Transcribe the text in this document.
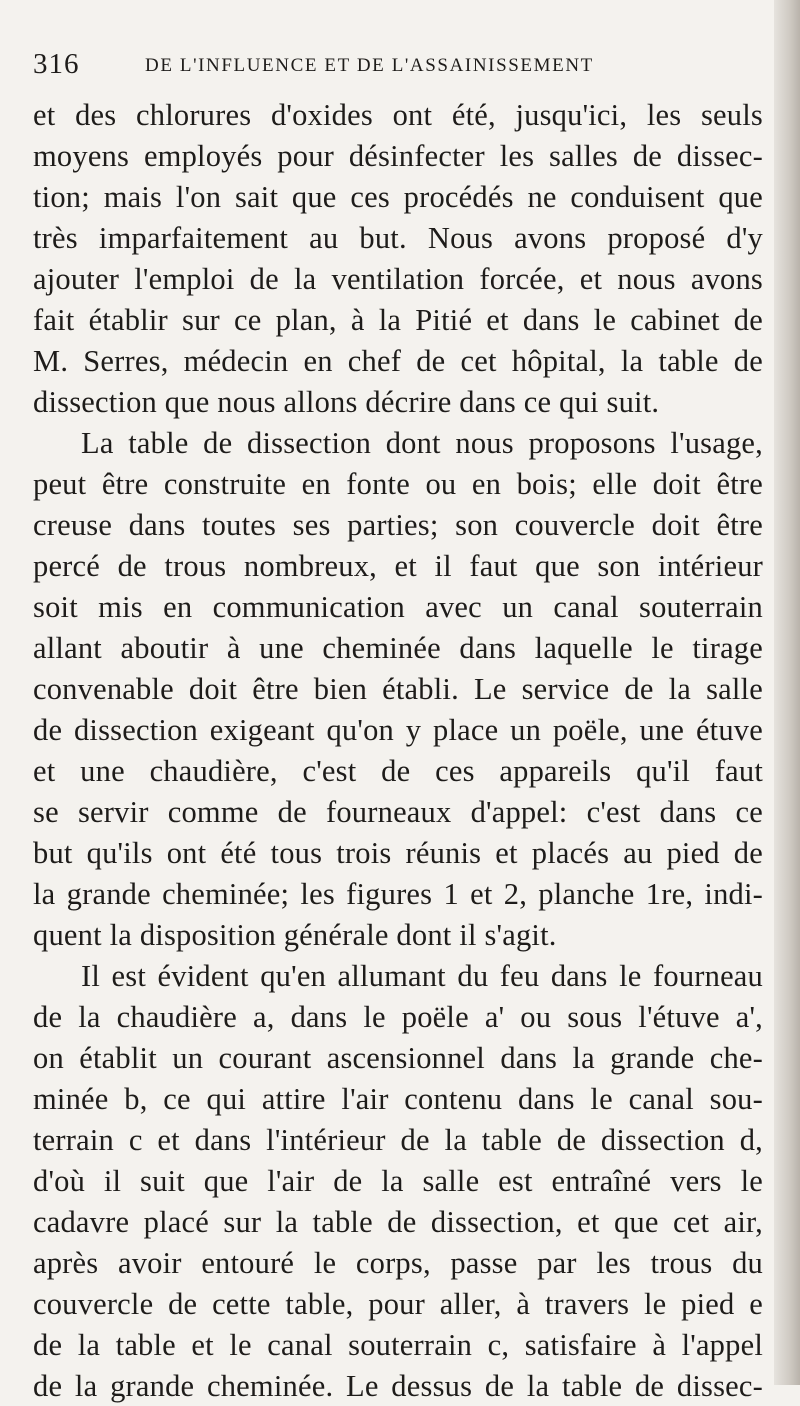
316	DE L'INFLUENCE ET DE L'ASSAINISSEMENT
et des chlorures d'oxides ont été, jusqu'ici, les seuls
moyens employés pour désinfecter les salles de dissec-
tion; mais l'on sait que ces procédés ne conduisent que
très imparfaitement au but. Nous avons proposé d'y
ajouter l'emploi de la ventilation forcée, et nous avons
fait établir sur ce plan, à la Pitié et dans le cabinet de
M. Serres, médecin en chef de cet hôpital, la table de
dissection que nous allons décrire dans ce qui suit.
La table de dissection dont nous proposons l'usage,
peut être construite en fonte ou en bois; elle doit être
creuse dans toutes ses parties; son couvercle doit être
percé de trous nombreux, et il faut que son intérieur
soit mis en communication avec un canal souterrain
allant aboutir à une cheminée dans laquelle le tirage
convenable doit être bien établi. Le service de la salle
de dissection exigeant qu'on y place un poële, une étuve
et une chaudière, c'est de ces appareils qu'il faut
se servir comme de fourneaux d'appel: c'est dans ce
but qu'ils ont été tous trois réunis et placés au pied de
la grande cheminée; les figures 1 et 2, planche 1re, indi-
quent la disposition générale dont il s'agit.
Il est évident qu'en allumant du feu dans le fourneau
de la chaudière a, dans le poële a' ou sous l'étuve a',
on établit un courant ascensionnel dans la grande che-
minée b, ce qui attire l'air contenu dans le canal sou-
terrain c et dans l'intérieur de la table de dissection d,
d'où il suit que l'air de la salle est entraîné vers le
cadavre placé sur la table de dissection, et que cet air,
après avoir entouré le corps, passe par les trous du
couvercle de cette table, pour aller, à travers le pied e
de la table et le canal souterrain c, satisfaire à l'appel
de la grande cheminée. Le dessus de la table de dissec-
